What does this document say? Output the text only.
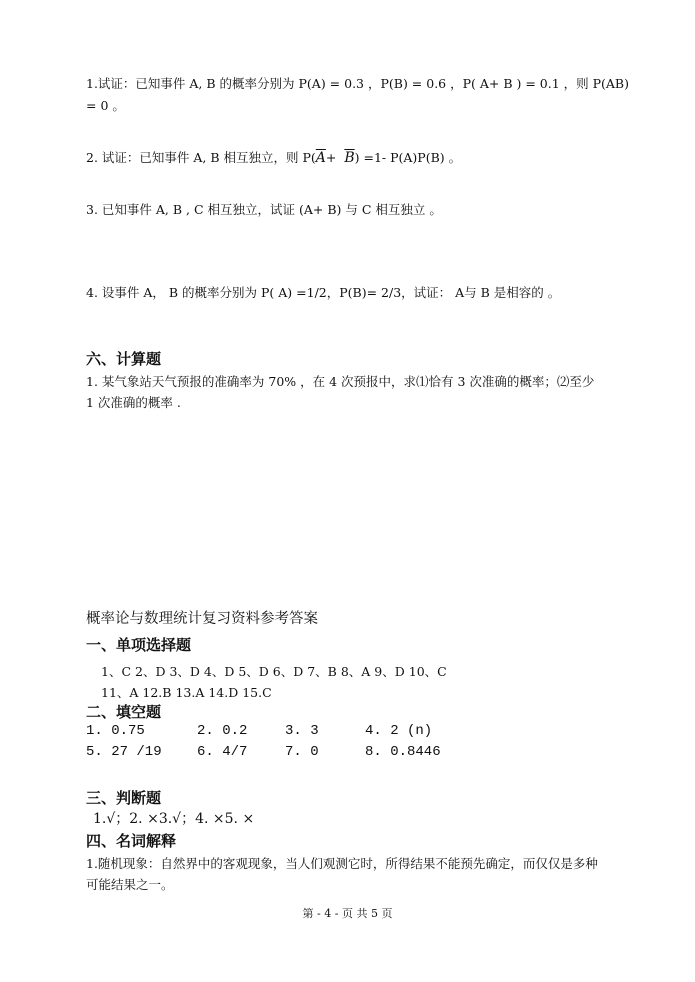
1.试证：已知事件 A, B 的概率分别为 P(A) = 0.3 ，P(B) = 0.6 ，P( A+ B ) = 0.1 ，则 P(AB)
= 0 。
2. 试证：已知事件 A, B 相互独立，则 $P(\overline{A}+ \overline{B}) =1-$ P(A)P(B) 。
3. 已知事件 A, B , C 相互独立，试证 (A+ B) 与 C 相互独立 。
4. 设事件 A， B 的概率分别为 P( A) =1/2，P(B)= 2/3，试证： A与 B 是相容的 。
六、计算题
1. 某气象站天气预报的准确率为 70% ，在 4 次预报中，求⑴恰有 3 次准确的概率；⑵至少
1 次准确的概率 .
概率论与数理统计复习资料参考答案
一、单项选择题
1、C 2、D 3、D 4、D 5、D 6、D 7、B 8、A 9、D 10、C
11、A 12.B 13.A 14.D 15.C
二、填空题
1. 0.75	2. 0.2	3. 3	4. 2 (n)
5. 27 /19	6. 4/7	7. 0	8. 0.8446
三、判断题
1.√；2. ×3.√；4. ×5. ×
四、名词解释
1.随机现象：自然界中的客观现象，当人们观测它时，所得结果不能预先确定，而仅仅是多种
可能结果之一。
第 - 4 - 页 共 5 页
